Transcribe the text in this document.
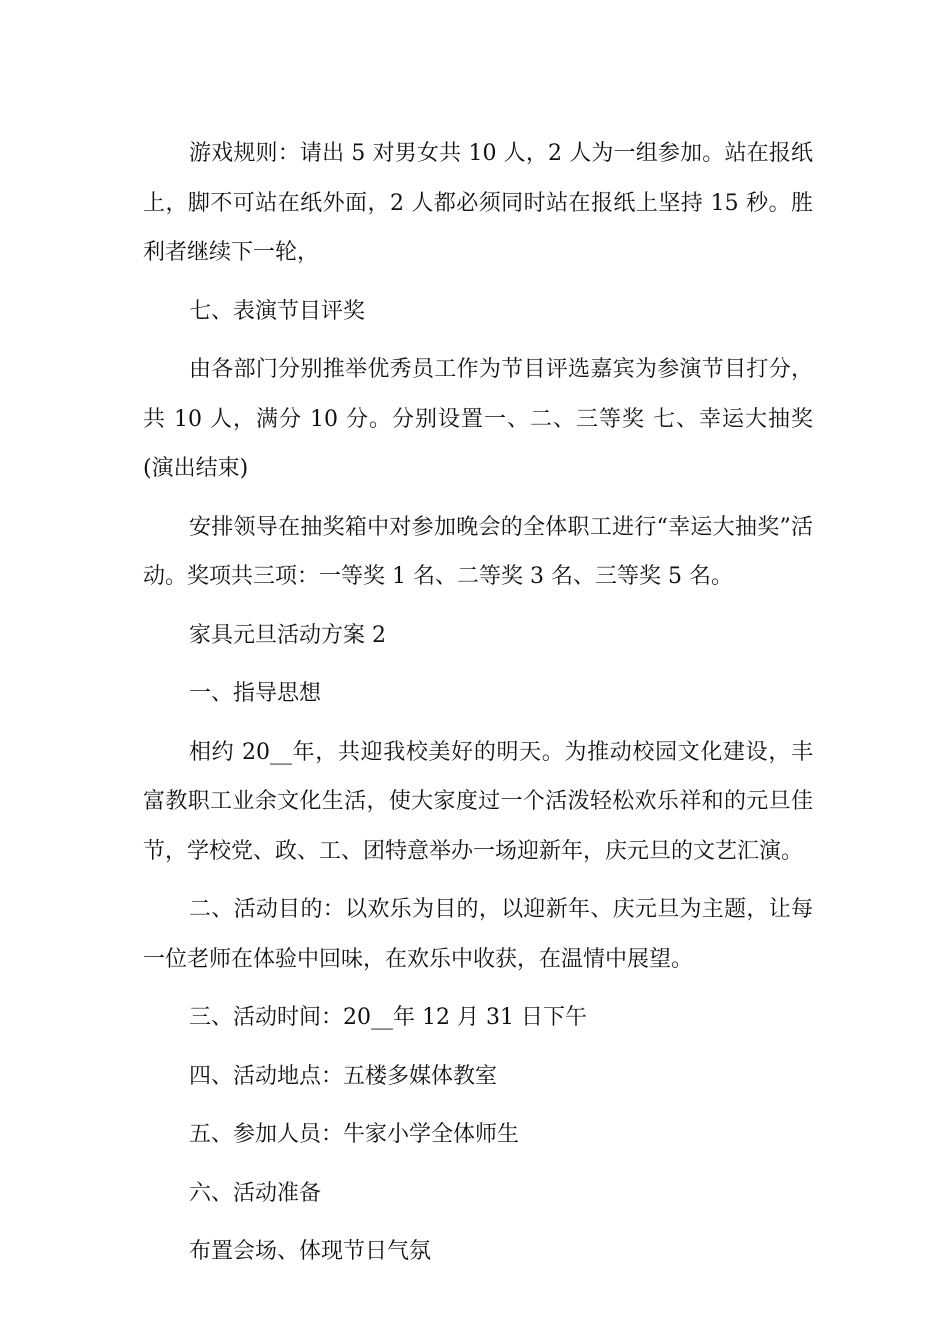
游戏规则：请出 5 对男女共 10 人，2 人为一组参加。站在报纸上，脚不可站在纸外面，2 人都必须同时站在报纸上坚持 15 秒。胜利者继续下一轮，

七、表演节目评奖

由各部门分别推举优秀员工作为节目评选嘉宾为参演节目打分，共 10 人，满分 10 分。分别设置一、二、三等奖 七、幸运大抽奖(演出结束)

安排领导在抽奖箱中对参加晚会的全体职工进行“幸运大抽奖”活动。奖项共三项：一等奖 1 名、二等奖 3 名、三等奖 5 名。

家具元旦活动方案 2

一、指导思想

相约 20__年，共迎我校美好的明天。为推动校园文化建设，丰富教职工业余文化生活，使大家度过一个活泼轻松欢乐祥和的元旦佳节，学校党、政、工、团特意举办一场迎新年，庆元旦的文艺汇演。

二、活动目的：以欢乐为目的，以迎新年、庆元旦为主题，让每一位老师在体验中回味，在欢乐中收获，在温情中展望。

三、活动时间：20__年 12 月 31 日下午

四、活动地点：五楼多媒体教室

五、参加人员：牛家小学全体师生

六、活动准备

布置会场、体现节日气氛
